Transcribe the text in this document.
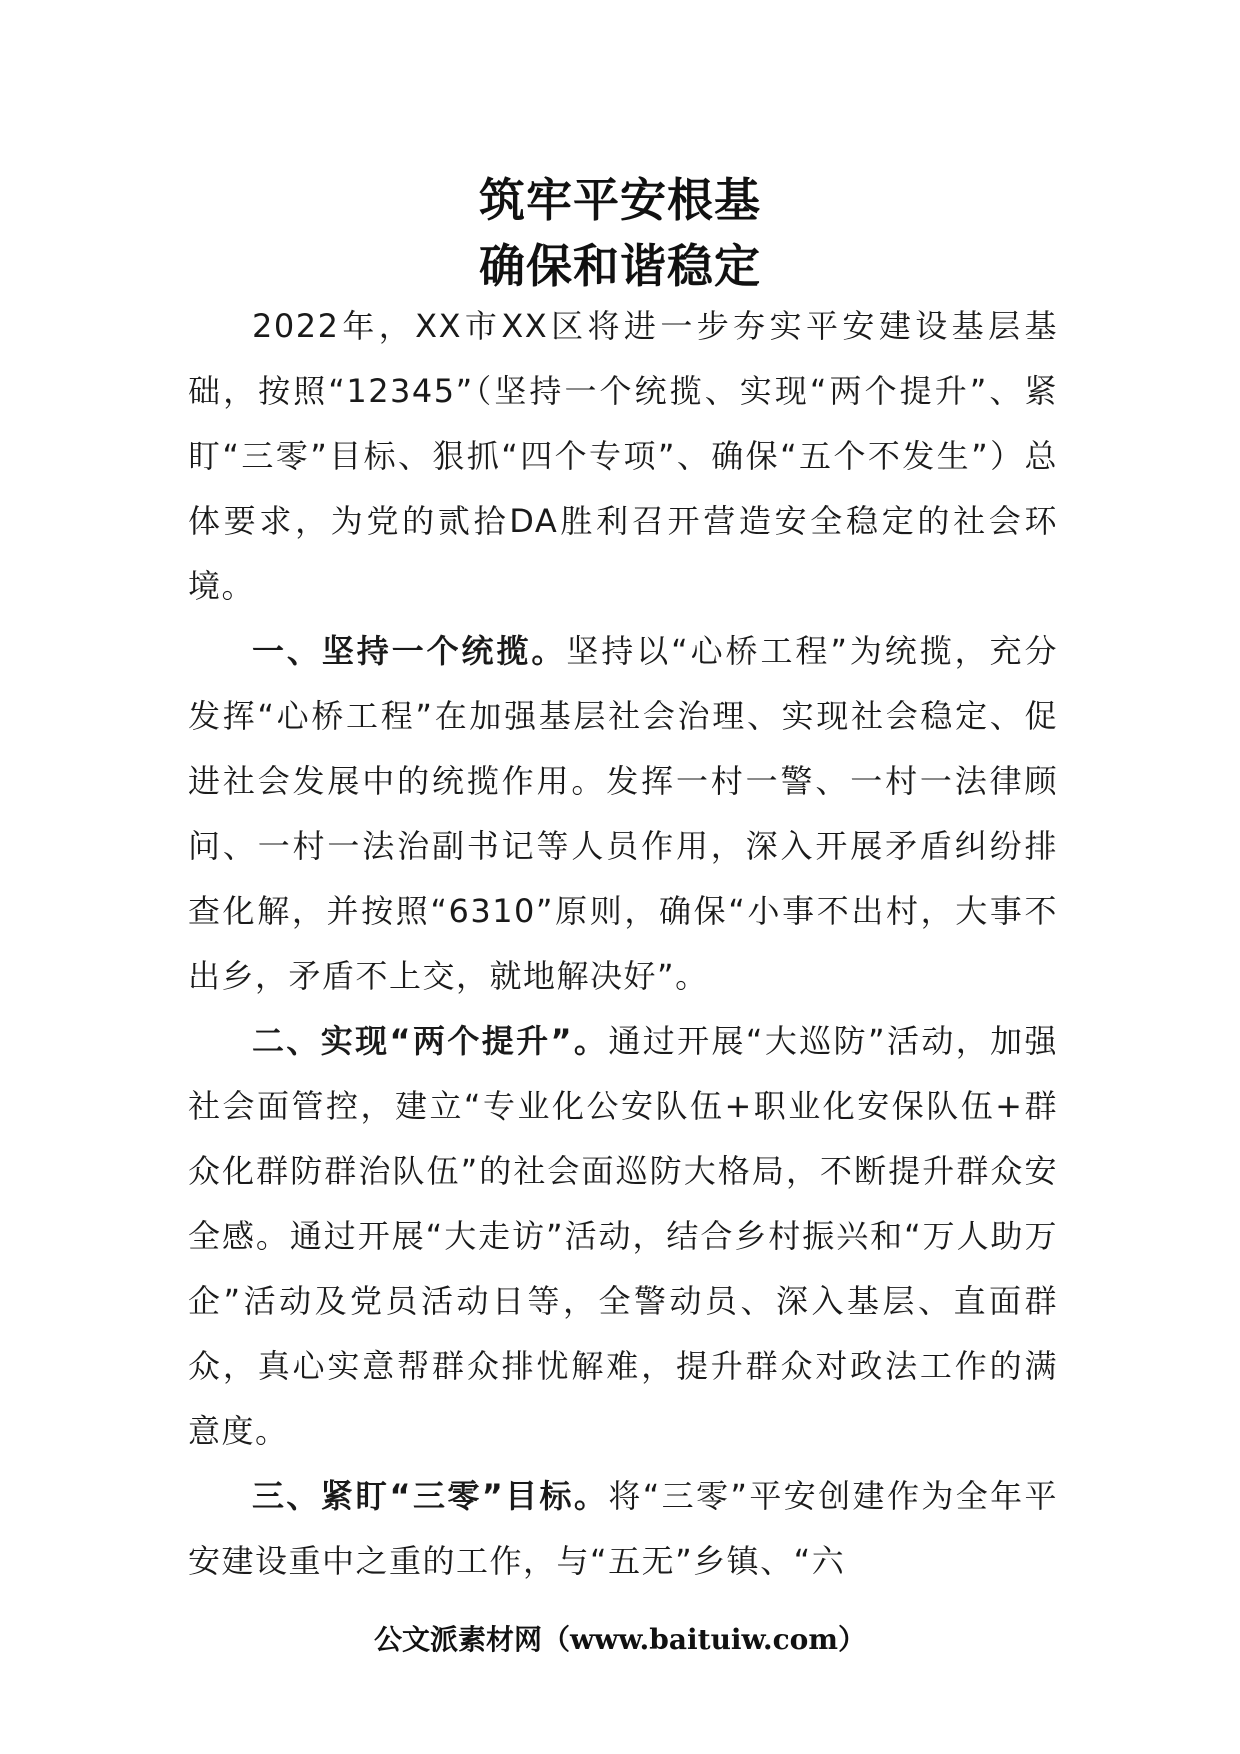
筑牢平安根基
确保和谐稳定

2022年，XX市XX区将进一步夯实平安建设基层基础，按照“12345”（坚持一个统揽、实现“两个提升”、紧盯“三零”目标、狠抓“四个专项”、确保“五个不发生”）总体要求，为党的贰拾DA胜利召开营造安全稳定的社会环境。

一、坚持一个统揽。坚持以“心桥工程”为统揽，充分发挥“心桥工程”在加强基层社会治理、实现社会稳定、促进社会发展中的统揽作用。发挥一村一警、一村一法律顾问、一村一法治副书记等人员作用，深入开展矛盾纠纷排查化解，并按照“6310”原则，确保“小事不出村，大事不出乡，矛盾不上交，就地解决好”。

二、实现“两个提升”。通过开展“大巡防”活动，加强社会面管控，建立“专业化公安队伍+职业化安保队伍+群众化群防群治队伍”的社会面巡防大格局，不断提升群众安全感。通过开展“大走访”活动，结合乡村振兴和“万人助万企”活动及党员活动日等，全警动员、深入基层、直面群众，真心实意帮群众排忧解难，提升群众对政法工作的满意度。

三、紧盯“三零”目标。将“三零”平安创建作为全年平安建设重中之重的工作，与“五无”乡镇、“六

公文派素材网（www.baituiw.com）
